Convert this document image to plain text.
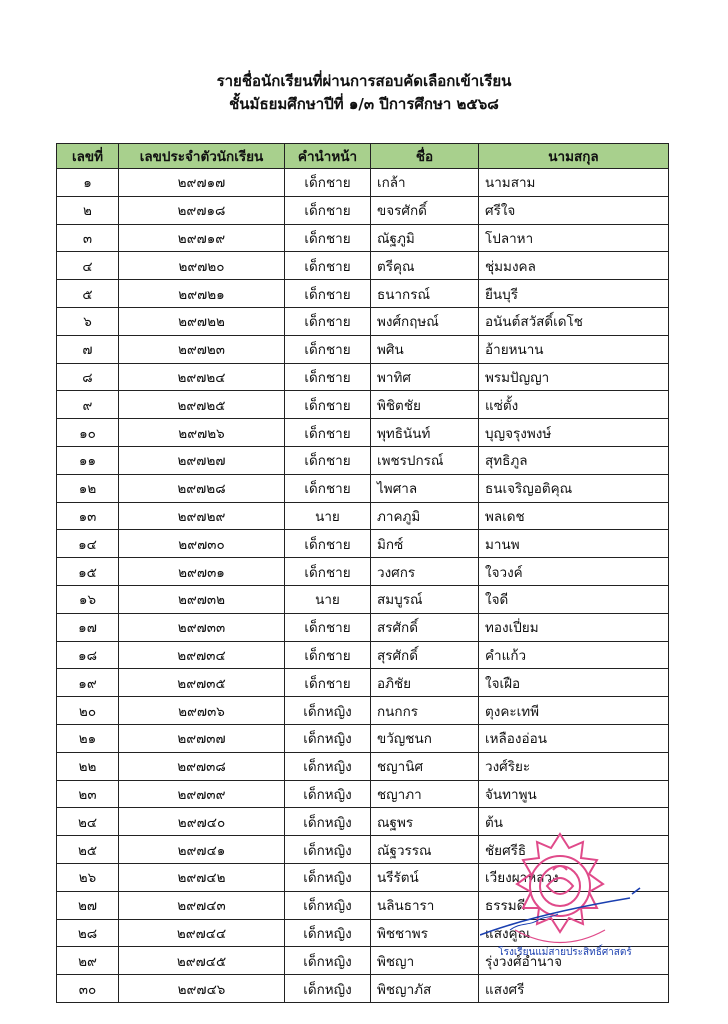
รายชื่อนักเรียนที่ผ่านการสอบคัดเลือกเข้าเรียน
ชั้นมัธยมศึกษาปีที่ ๑/๓ ปีการศึกษา ๒๕๖๘
เลขที่	เลขประจำตัวนักเรียน	คำนำหน้า	ชื่อ	นามสกุล
๑	๒๙๗๑๗	เด็กชาย	เกล้า	นามสาม
๒	๒๙๗๑๘	เด็กชาย	ขจรศักดิ์	ศรีใจ
๓	๒๙๗๑๙	เด็กชาย	ณัฐภูมิ	โปลาหา
๔	๒๙๗๒๐	เด็กชาย	ตรีคุณ	ชุ่มมงคล
๕	๒๙๗๒๑	เด็กชาย	ธนากรณ์	ยืนบุรี
๖	๒๙๗๒๒	เด็กชาย	พงศ์กฤษณ์	อนันต์สวัสดิ์เดโช
๗	๒๙๗๒๓	เด็กชาย	พศิน	อ้ายหนาน
๘	๒๙๗๒๔	เด็กชาย	พาทิศ	พรมปัญญา
๙	๒๙๗๒๕	เด็กชาย	พิชิตชัย	แซ่ตั้ง
๑๐	๒๙๗๒๖	เด็กชาย	พุทธินันท์	บุญจรุงพงษ์
๑๑	๒๙๗๒๗	เด็กชาย	เพชรปกรณ์	สุทธิภูล
๑๒	๒๙๗๒๘	เด็กชาย	ไพศาล	ธนเจริญอติคุณ
๑๓	๒๙๗๒๙	นาย	ภาคภูมิ	พลเดช
๑๔	๒๙๗๓๐	เด็กชาย	มิกซ์	มานพ
๑๕	๒๙๗๓๑	เด็กชาย	วงศกร	ใจวงค์
๑๖	๒๙๗๓๒	นาย	สมบูรณ์	ใจดี
๑๗	๒๙๗๓๓	เด็กชาย	สรศักดิ์	ทองเปี่ยม
๑๘	๒๙๗๓๔	เด็กชาย	สุรศักดิ์	คำแก้ว
๑๙	๒๙๗๓๕	เด็กชาย	อภิชัย	ใจเฝือ
๒๐	๒๙๗๓๖	เด็กหญิง	กนกกร	ตุงคะเทพี
๒๑	๒๙๗๓๗	เด็กหญิง	ขวัญชนก	เหลืองอ่อน
๒๒	๒๙๗๓๘	เด็กหญิง	ชญานิศ	วงศ์ริยะ
๒๓	๒๙๗๓๙	เด็กหญิง	ชญาภา	จันทาพูน
๒๔	๒๙๗๔๐	เด็กหญิง	ณฐพร	ต้น
๒๕	๒๙๗๔๑	เด็กหญิง	ณัฐวรรณ	ชัยศรีธิ
๒๖	๒๙๗๔๒	เด็กหญิง	นรีรัตน์	เวียงผาหลวง
๒๗	๒๙๗๔๓	เด็กหญิง	นลินธารา	ธรรมดี
๒๘	๒๙๗๔๔	เด็กหญิง	พิชชาพร	แสงคูณ
๒๙	๒๙๗๔๕	เด็กหญิง	พิชญา	รุ่งวงศ์อำนาจ
๓๐	๒๙๗๔๖	เด็กหญิง	พิชญาภัส	แสงศรี
โรงเรียนแม่สายประสิทธิ์ศาสตร์
